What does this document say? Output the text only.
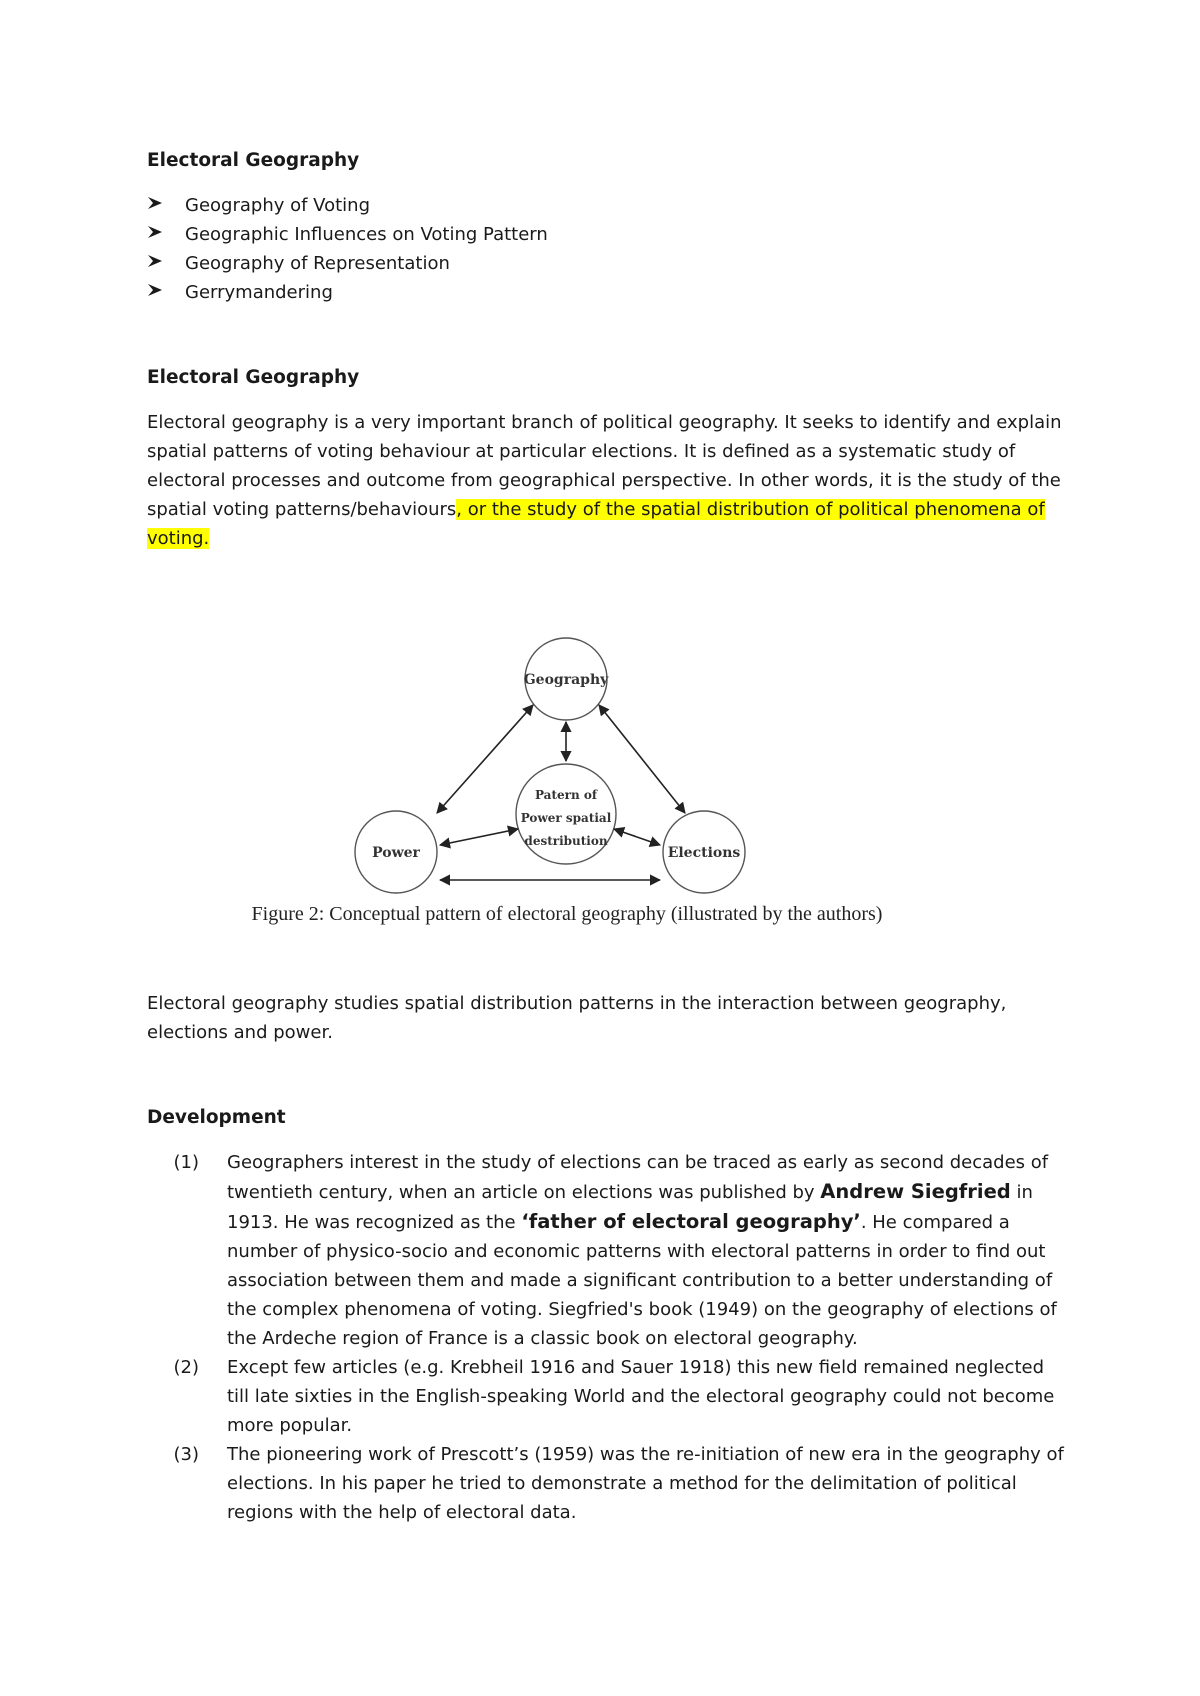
Electoral Geography
Geography of Voting
Geographic Influences on Voting Pattern
Geography of Representation
Gerrymandering
Electoral Geography

Electoral geography is a very important branch of political geography. It seeks to identify and explain spatial patterns of voting behaviour at particular elections. It is defined as a systematic study of electoral processes and outcome from geographical perspective. In other words, it is the study of the spatial voting patterns/behaviours, or the study of the spatial distribution of political phenomena of voting.

Geography
Power	Elections
Patern of
Power spatial
destribution
Figure 2: Conceptual pattern of electoral geography (illustrated by the authors)

Electoral geography studies spatial distribution patterns in the interaction between geography, elections and power.

Development
(1)	Geographers interest in the study of elections can be traced as early as second decades of twentieth century, when an article on elections was published by Andrew Siegfried in 1913. He was recognized as the ‘father of electoral geography’. He compared a number of physico-socio and economic patterns with electoral patterns in order to find out association between them and made a significant contribution to a better understanding of the complex phenomena of voting. Siegfried's book (1949) on the geography of elections of the Ardeche region of France is a classic book on electoral geography.
(2)	Except few articles (e.g. Krebheil 1916 and Sauer 1918) this new field remained neglected till late sixties in the English-speaking World and the electoral geography could not become more popular.
(3)	The pioneering work of Prescott’s (1959) was the re-initiation of new era in the geography of elections. In his paper he tried to demonstrate a method for the delimitation of political regions with the help of electoral data.
